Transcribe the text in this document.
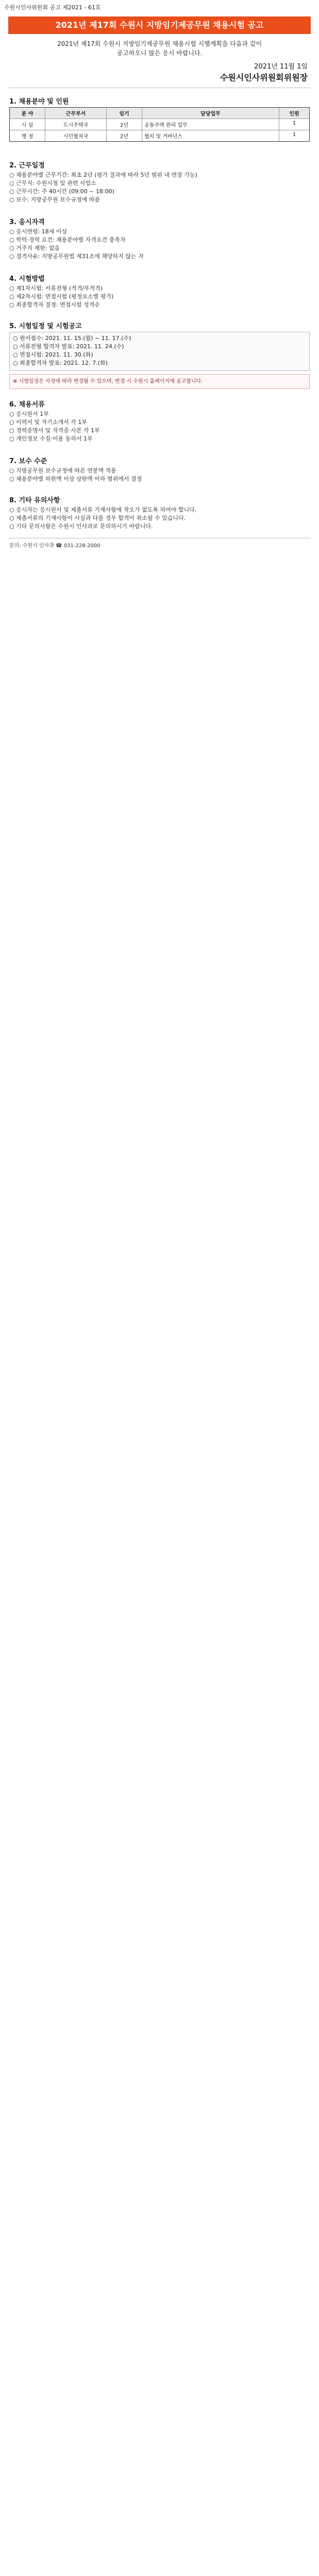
수원시인사위원회 공고 제2021 - 61호
2021년 제17회 수원시 지방임기제공무원 채용시험 공고
2021년 제17회 수원시 지방임기제공무원 채용시험 시행계획을 다음과 같이
공고하오니 많은 응시 바랍니다.
2021년 11월 1일
수원시인사위원회위원장
1. 채용분야 및 인원
분 야	근무부서	임기	담당업무	인원
시 설	도시주택국	2년	공동주택 관리 업무	1
행 정	시민협치국	2년	협치 및 거버넌스	1
2. 근무일정
○ 채용분야별 근무기간: 최초 2년 (평가 결과에 따라 5년 범위 내 연장 가능)
○ 근무지: 수원시청 및 관련 사업소
○ 근무시간: 주 40시간 (09:00 ~ 18:00)
○ 보수: 지방공무원 보수규정에 따름
3. 응시자격
○ 응시연령: 18세 이상
○ 학력·경력 요건: 채용분야별 자격요건 충족자
○ 거주지 제한: 없음
○ 결격사유: 지방공무원법 제31조에 해당하지 않는 자
4. 시험방법
○ 제1차시험: 서류전형 (적격/부적격)
○ 제2차시험: 면접시험 (평정요소별 평가)
○ 최종합격자 결정: 면접시험 성적순
5. 시험일정 및 시험공고
○ 원서접수: 2021. 11. 15.(월) ~ 11. 17.(수)
○ 서류전형 합격자 발표: 2021. 11. 24.(수)
○ 면접시험: 2021. 11. 30.(화)
○ 최종합격자 발표: 2021. 12. 7.(화)
※ 시험일정은 사정에 따라 변경될 수 있으며, 변경 시 수원시 홈페이지에 공고합니다.
6. 채용서류
○ 응시원서 1부
○ 이력서 및 자기소개서 각 1부
○ 경력증명서 및 자격증 사본 각 1부
○ 개인정보 수집·이용 동의서 1부
7. 보수 수준
○ 지방공무원 보수규정에 따른 연봉액 적용
○ 채용분야별 하한액 이상 상한액 이하 범위에서 결정
8. 기타 유의사항
○ 응시자는 응시원서 및 제출서류 기재사항에 착오가 없도록 하여야 합니다.
○ 제출서류의 기재사항이 사실과 다를 경우 합격이 취소될 수 있습니다.
○ 기타 문의사항은 수원시 인사과로 문의하시기 바랍니다.
문의: 수원시 인사과 ☎ 031-228-2000
